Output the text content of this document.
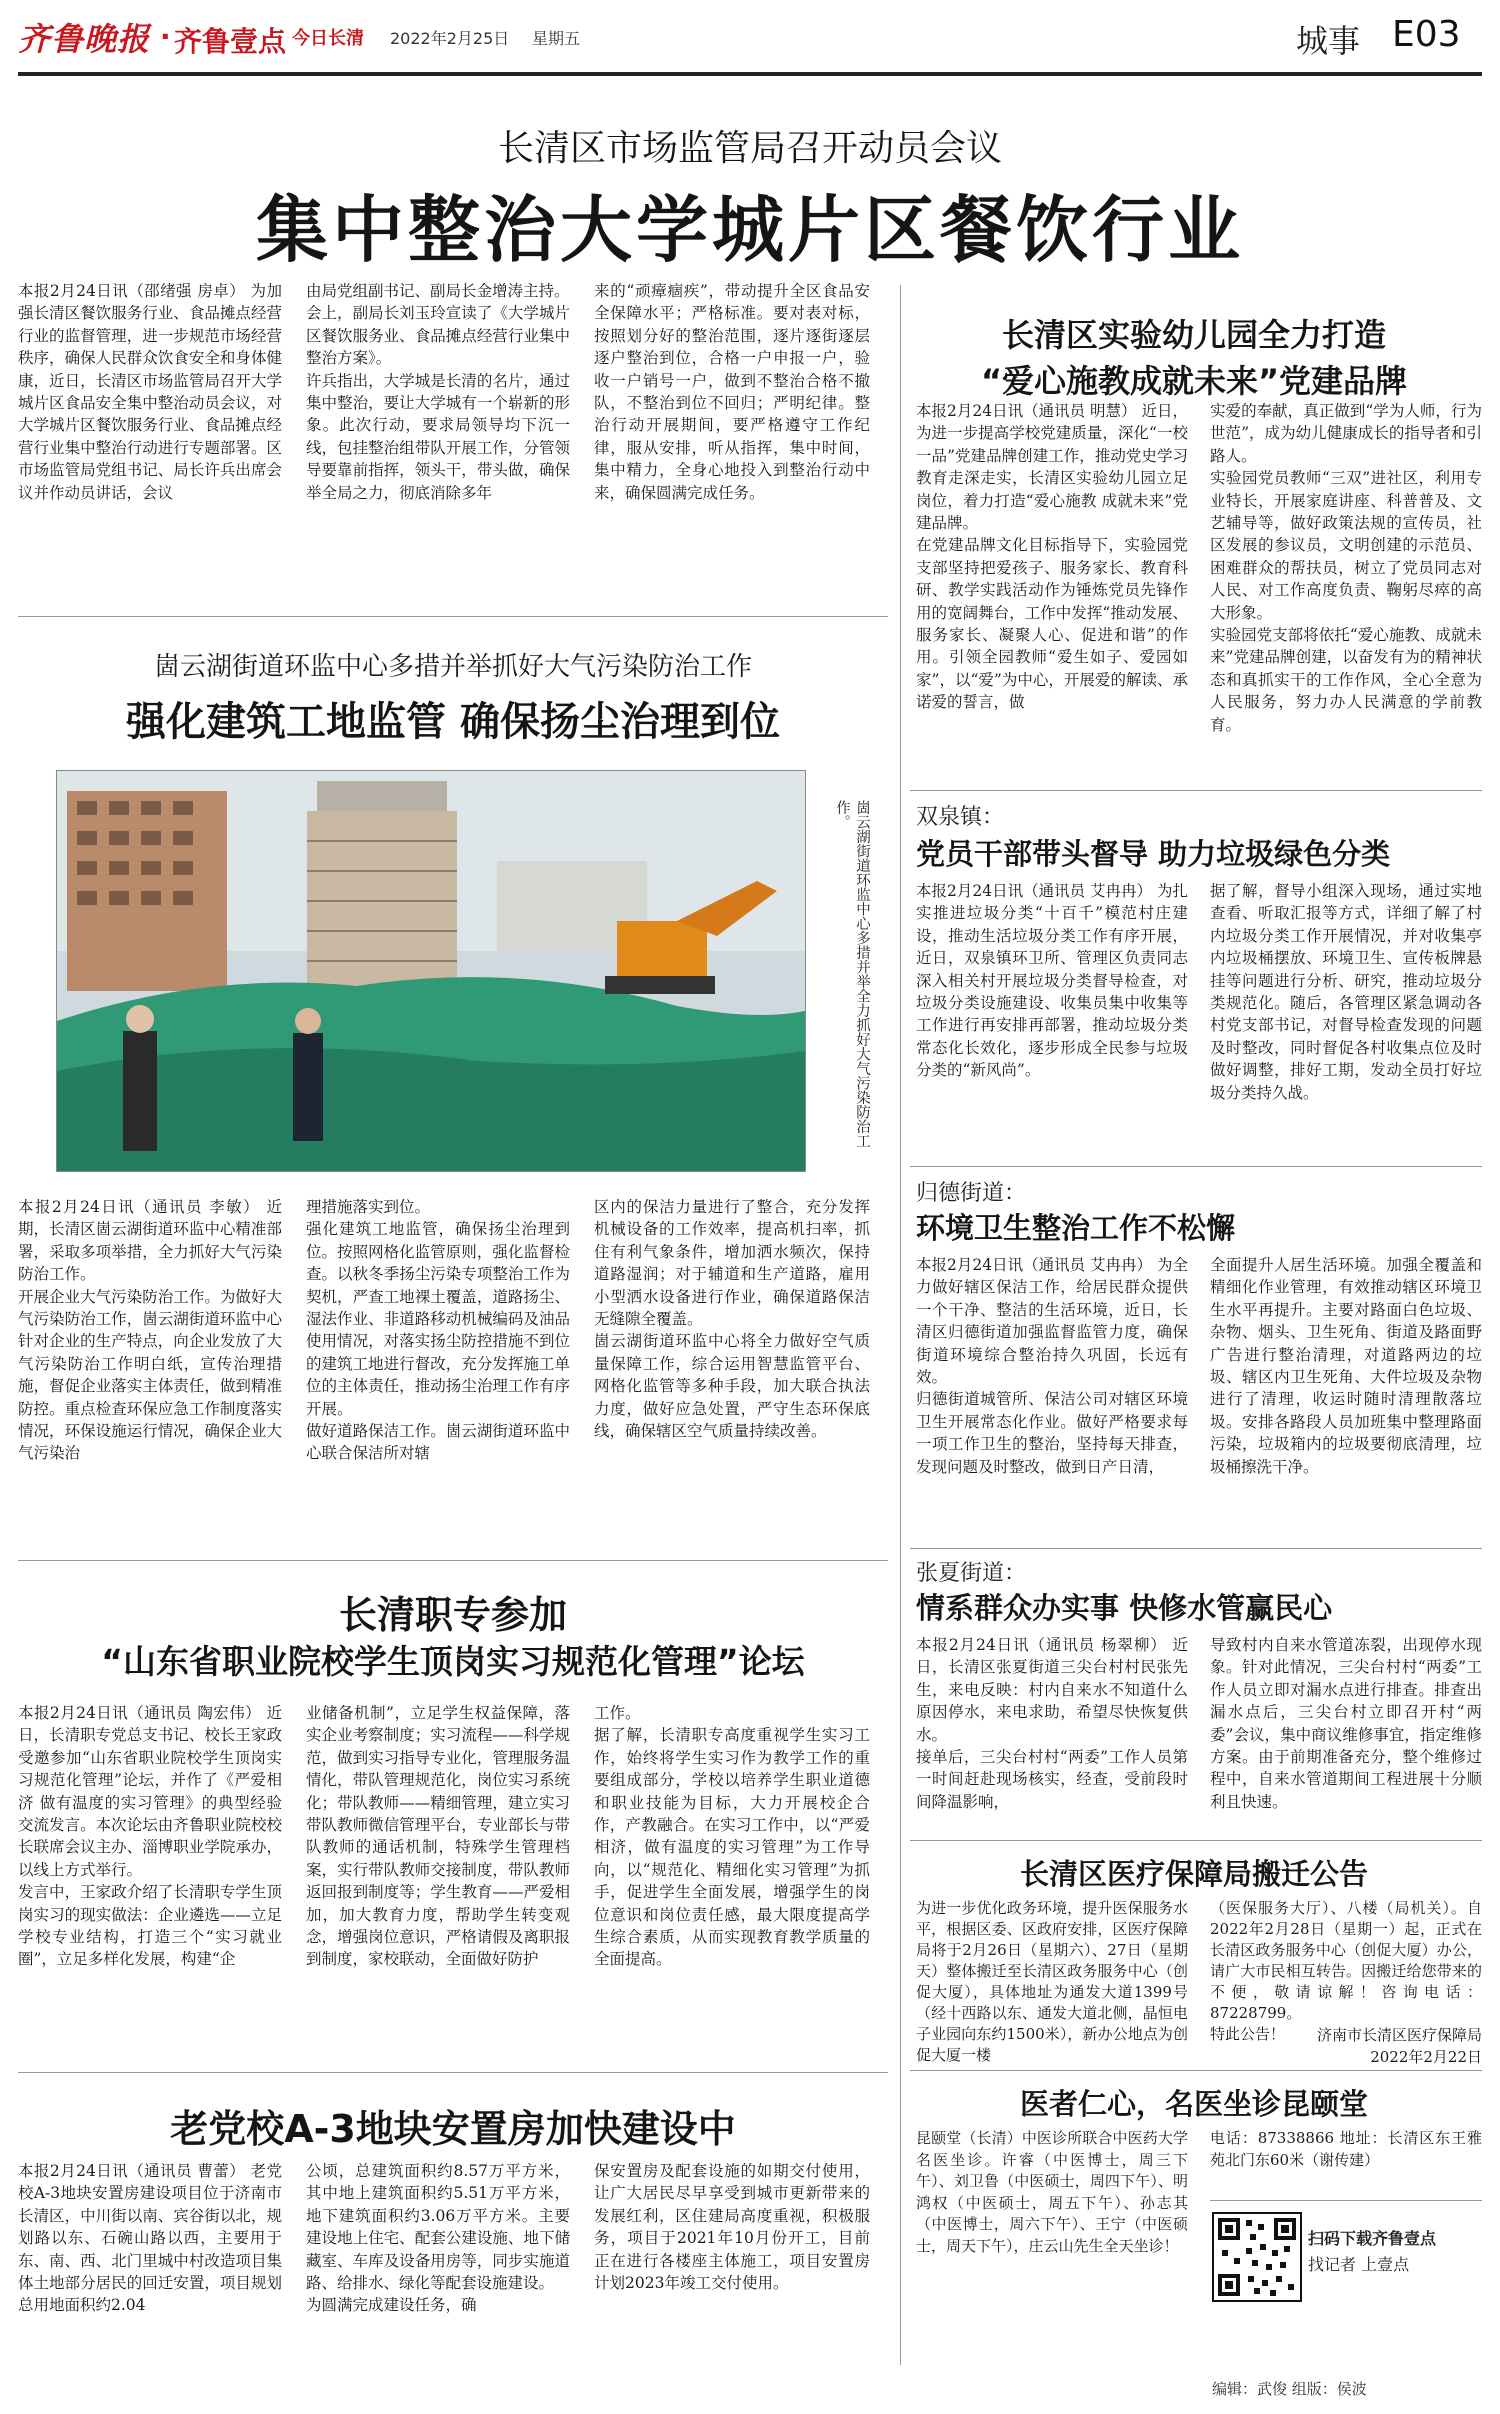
齐鲁晚报 · 齐鲁壹点 今日长清 2022年2月25日 星期五	城事 E03
长清区市场监管局召开动员会议
集中整治大学城片区餐饮行业
本报2月24日讯（邵绪强 房卓） 为加强长清区餐饮服务行业、食品摊点经营行业的监督管理，进一步规范市场经营秩序，确保人民群众饮食安全和身体健康，近日，长清区市场监管局召开大学城片区食品安全集中整治动员会议，对大学城片区餐饮服务行业、食品摊点经营行业集中整治行动进行专题部署。区市场监管局党组书记、局长许兵出席会议并作动员讲话，会议
由局党组副书记、副局长金增涛主持。
会上，副局长刘玉玲宣读了《大学城片区餐饮服务业、食品摊点经营行业集中整治方案》。
许兵指出，大学城是长清的名片，通过集中整治，要让大学城有一个崭新的形象。此次行动，要求局领导均下沉一线，包挂整治组带队开展工作，分管领导要靠前指挥，领头干，带头做，确保举全局之力，彻底消除多年
来的“顽瘴痼疾”，带动提升全区食品安全保障水平；严格标准。要对表对标，按照划分好的整治范围，逐片逐街逐层逐户整治到位，合格一户申报一户，验收一户销号一户，做到不整治合格不撤队，不整治到位不回归；严明纪律。整治行动开展期间，要严格遵守工作纪律，服从安排，听从指挥，集中时间，集中精力，全身心地投入到整治行动中来，确保圆满完成任务。
长清区实验幼儿园全力打造
“爱心施教成就未来”党建品牌
本报2月24日讯（通讯员 明慧） 近日，为进一步提高学校党建质量，深化“一校一品”党建品牌创建工作，推动党史学习教育走深走实，长清区实验幼儿园立足岗位，着力打造“爱心施教 成就未来”党建品牌。
在党建品牌文化目标指导下，实验园党支部坚持把爱孩子、服务家长、教育科研、教学实践活动作为锤炼党员先锋作用的宽阔舞台，工作中发挥“推动发展、服务家长、凝聚人心、促进和谐”的作用。引领全园教师“爱生如子、爱园如家”，以“爱”为中心，开展爱的解读、承诺爱的誓言，做
实爱的奉献，真正做到“学为人师，行为世范”，成为幼儿健康成长的指导者和引路人。
实验园党员教师“三双”进社区，利用专业特长，开展家庭讲座、科普普及、文艺辅导等，做好政策法规的宣传员，社区发展的参议员，文明创建的示范员、困难群众的帮扶员，树立了党员同志对人民、对工作高度负责、鞠躬尽瘁的高大形象。
实验园党支部将依托“爱心施教、成就未来”党建品牌创建，以奋发有为的精神状态和真抓实干的工作作风，全心全意为人民服务，努力办人民满意的学前教育。
崮云湖街道环监中心多措并举抓好大气污染防治工作
强化建筑工地监管 确保扬尘治理到位
崮云湖街道环监中心多措并举全力抓好大气污染防治工作。
本报2月24日讯（通讯员 李敏） 近期，长清区崮云湖街道环监中心精准部署，采取多项举措，全力抓好大气污染防治工作。
开展企业大气污染防治工作。为做好大气污染防治工作，崮云湖街道环监中心针对企业的生产特点，向企业发放了大气污染防治工作明白纸，宣传治理措施，督促企业落实主体责任，做到精准防控。重点检查环保应急工作制度落实情况，环保设施运行情况，确保企业大气污染治
理措施落实到位。
强化建筑工地监管，确保扬尘治理到位。按照网格化监管原则，强化监督检查。以秋冬季扬尘污染专项整治工作为契机，严查工地裸土覆盖，道路扬尘、湿法作业、非道路移动机械编码及油品使用情况，对落实扬尘防控措施不到位的建筑工地进行督改，充分发挥施工单位的主体责任，推动扬尘治理工作有序开展。
做好道路保洁工作。崮云湖街道环监中心联合保洁所对辖
区内的保洁力量进行了整合，充分发挥机械设备的工作效率，提高机扫率，抓住有利气象条件，增加洒水频次，保持道路湿润；对于辅道和生产道路，雇用小型洒水设备进行作业，确保道路保洁无缝隙全覆盖。
崮云湖街道环监中心将全力做好空气质量保障工作，综合运用智慧监管平台、网格化监管等多种手段，加大联合执法力度，做好应急处置，严守生态环保底线，确保辖区空气质量持续改善。
双泉镇：
党员干部带头督导 助力垃圾绿色分类
本报2月24日讯（通讯员 艾冉冉） 为扎实推进垃圾分类“十百千”模范村庄建设，推动生活垃圾分类工作有序开展，近日，双泉镇环卫所、管理区负责同志深入相关村开展垃圾分类督导检查，对垃圾分类设施建设、收集员集中收集等工作进行再安排再部署，推动垃圾分类常态化长效化，逐步形成全民参与垃圾分类的“新风尚”。
据了解，督导小组深入现场，通过实地查看、听取汇报等方式，详细了解了村内垃圾分类工作开展情况，并对收集亭内垃圾桶摆放、环境卫生、宣传板牌悬挂等问题进行分析、研究，推动垃圾分类规范化。随后，各管理区紧急调动各村党支部书记，对督导检查发现的问题及时整改，同时督促各村收集点位及时做好调整，排好工期，发动全员打好垃圾分类持久战。
归德街道：
环境卫生整治工作不松懈
本报2月24日讯（通讯员 艾冉冉） 为全力做好辖区保洁工作，给居民群众提供一个干净、整洁的生活环境，近日，长清区归德街道加强监督监管力度，确保街道环境综合整治持久巩固，长远有效。
归德街道城管所、保洁公司对辖区环境卫生开展常态化作业。做好严格要求每一项工作卫生的整治，坚持每天排查，发现问题及时整改，做到日产日清，
全面提升人居生活环境。加强全覆盖和精细化作业管理，有效推动辖区环境卫生水平再提升。主要对路面白色垃圾、杂物、烟头、卫生死角、街道及路面野广告进行整治清理，对道路两边的垃圾、辖区内卫生死角、大件垃圾及杂物进行了清理，收运时随时清理散落垃圾。安排各路段人员加班集中整理路面污染，垃圾箱内的垃圾要彻底清理，垃圾桶擦洗干净。
张夏街道：
情系群众办实事 快修水管赢民心
本报2月24日讯（通讯员 杨翠柳） 近日，长清区张夏街道三尖台村村民张先生，来电反映：村内自来水不知道什么原因停水，来电求助，希望尽快恢复供水。
接单后，三尖台村村“两委”工作人员第一时间赶赴现场核实，经查，受前段时间降温影响，
导致村内自来水管道冻裂，出现停水现象。针对此情况，三尖台村村“两委”工作人员立即对漏水点进行排查。排查出漏水点后，三尖台村立即召开村“两委”会议，集中商议维修事宜，指定维修方案。由于前期准备充分，整个维修过程中，自来水管道期间工程进展十分顺利且快速。
长清职专参加
“山东省职业院校学生顶岗实习规范化管理”论坛
本报2月24日讯（通讯员 陶宏伟） 近日，长清职专党总支书记、校长王家政受邀参加“山东省职业院校学生顶岗实习规范化管理”论坛，并作了《严爱相济 做有温度的实习管理》的典型经验交流发言。本次论坛由齐鲁职业院校校长联席会议主办、淄博职业学院承办，以线上方式举行。
发言中，王家政介绍了长清职专学生顶岗实习的现实做法：企业遴选——立足学校专业结构，打造三个“实习就业圈”，立足多样化发展，构建“企
业储备机制”，立足学生权益保障，落实企业考察制度；实习流程——科学规范，做到实习指导专业化，管理服务温情化，带队管理规范化，岗位实习系统化；带队教师——精细管理，建立实习带队教师微信管理平台，专业部长与带队教师的通话机制，特殊学生管理档案，实行带队教师交接制度，带队教师返回报到制度等；学生教育——严爱相加，加大教育力度，帮助学生转变观念，增强岗位意识，严格请假及离职报到制度，家校联动，全面做好防护
工作。
据了解，长清职专高度重视学生实习工作，始终将学生实习作为教学工作的重要组成部分，学校以培养学生职业道德和职业技能为目标，大力开展校企合作，产教融合。在实习工作中，以“严爱相济，做有温度的实习管理”为工作导向，以“规范化、精细化实习管理”为抓手，促进学生全面发展，增强学生的岗位意识和岗位责任感，最大限度提高学生综合素质，从而实现教育教学质量的全面提高。
长清区医疗保障局搬迁公告
为进一步优化政务环境，提升医保服务水平，根据区委、区政府安排，区医疗保障局将于2月26日（星期六）、27日（星期天）整体搬迁至长清区政务服务中心（创促大厦），具体地址为通发大道1399号（经十西路以东、通发大道北侧，晶恒电子业园向东约1500米），新办公地点为创促大厦一楼
（医保服务大厅）、八楼（局机关）。自2022年2月28日（星期一）起，正式在长清区政务服务中心（创促大厦）办公，请广大市民相互转告。因搬迁给您带来的不便，敬请谅解！咨询电话：87228799。
特此公告！	济南市长清区医疗保障局
2022年2月22日
老党校A-3地块安置房加快建设中
本报2月24日讯（通讯员 曹蕾） 老党校A-3地块安置房建设项目位于济南市长清区，中川街以南、宾谷街以北，规划路以东、石碗山路以西，主要用于东、南、西、北门里城中村改造项目集体土地部分居民的回迁安置，项目规划总用地面积约2.04
公顷，总建筑面积约8.57万平方米，其中地上建筑面积约5.51万平方米，地下建筑面积约3.06万平方米。主要建设地上住宅、配套公建设施、地下储藏室、车库及设备用房等，同步实施道路、给排水、绿化等配套设施建设。
为圆满完成建设任务，确
保安置房及配套设施的如期交付使用，让广大居民尽早享受到城市更新带来的发展红利，区住建局高度重视，积极服务，项目于2021年10月份开工，目前正在进行各楼座主体施工，项目安置房计划2023年竣工交付使用。
医者仁心，名医坐诊昆颐堂
昆颐堂（长清）中医诊所联合中医药大学名医坐诊。许睿（中医博士，周三下午）、刘卫鲁（中医硕士，周四下午）、明鸿权（中医硕士，周五下午）、孙志其（中医博士，周六下午）、王宁（中医硕士，周天下午），庄云山先生全天坐诊！
电话：87338866 地址：长清区东王雅苑北门东60米（谢传建）
扫码下载齐鲁壹点
找记者 上壹点
编辑：武俊 组版：侯波
